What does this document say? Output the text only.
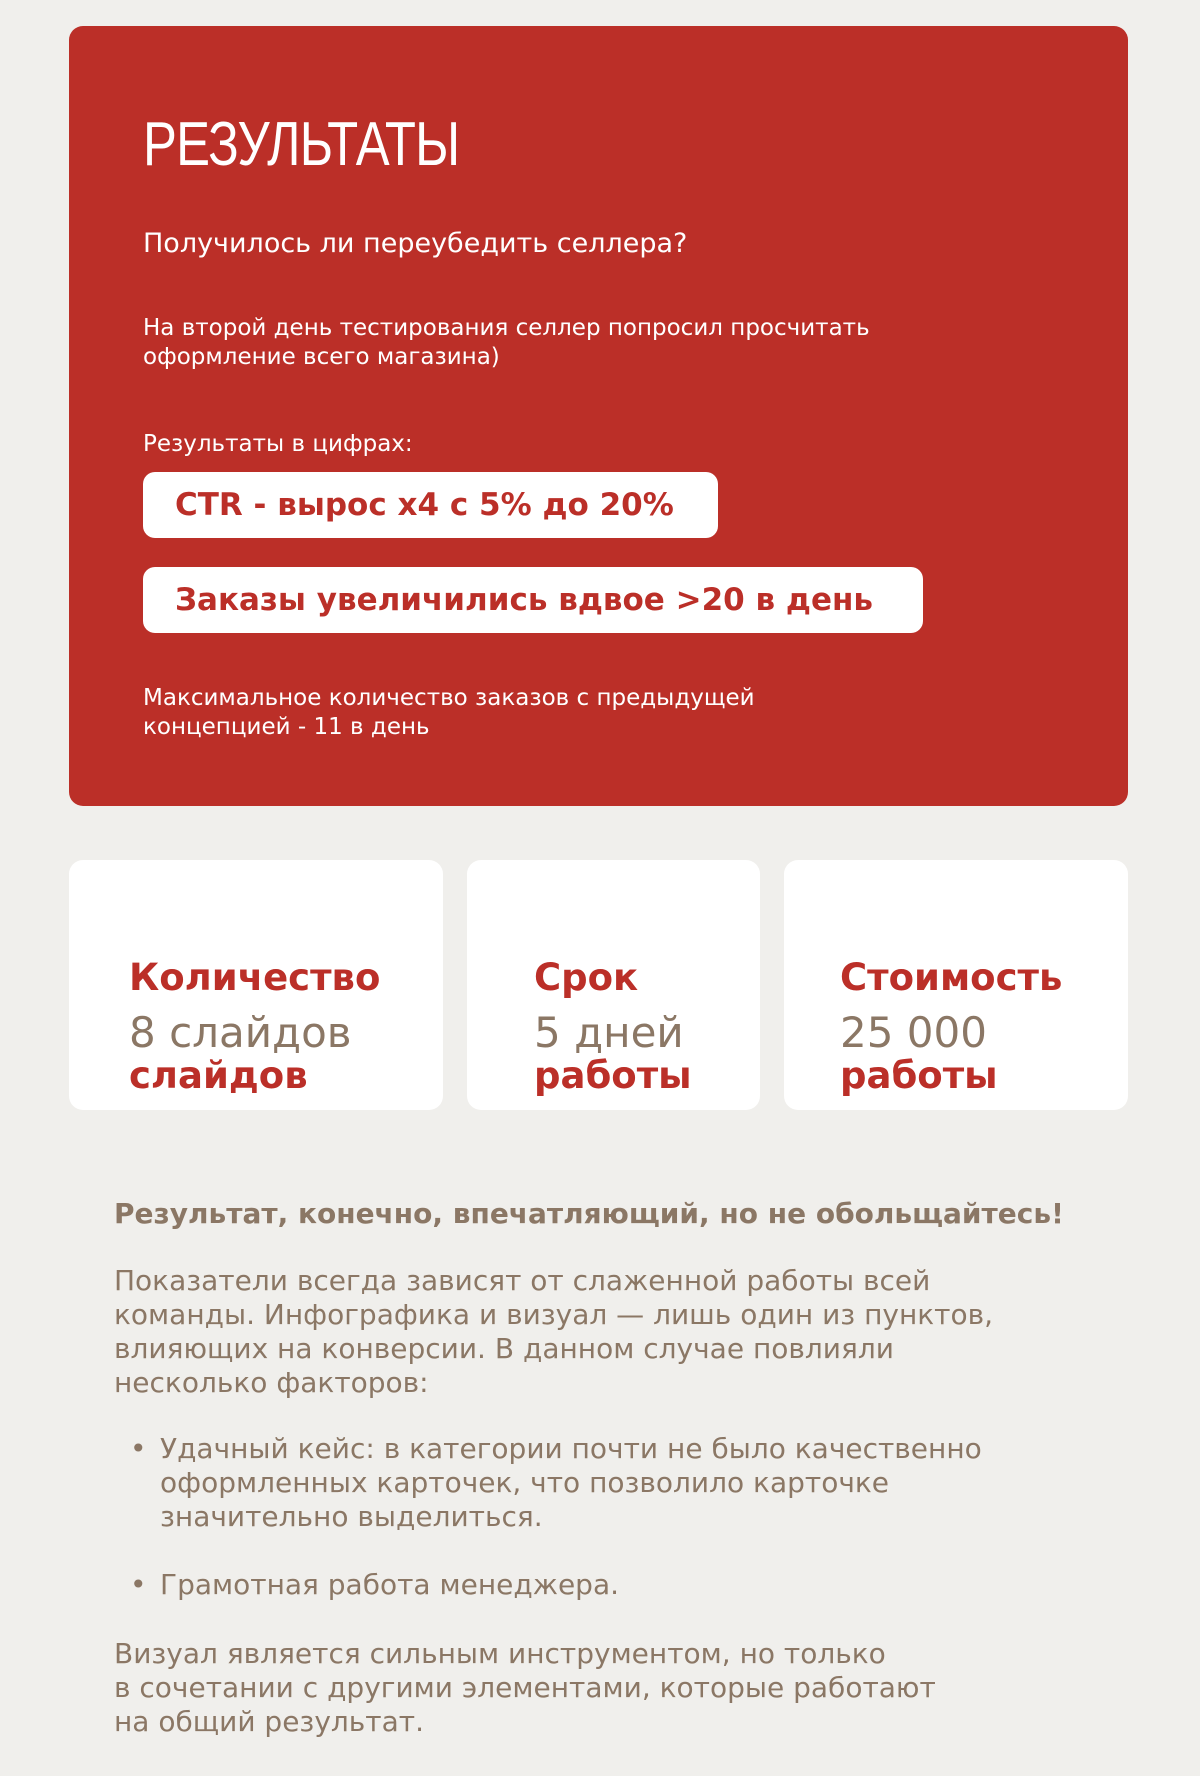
РЕЗУЛЬТАТЫ
Получилось ли переубедить селлера?
На второй день тестирования селлер попросил просчитать
оформление всего магазина)
Результаты в цифрах:
CTR - вырос х4 с 5% до 20%
Заказы увеличились вдвое >20 в день
Максимальное количество заказов с предыдущей
концепцией - 11 в день

Количество

слайдов

8 слайдов

Срок

работы

5 дней

Стоимость

работы

25 000
Результат, конечно, впечатляющий, но не обольщайтесь!
Показатели всегда зависят от слаженной работы всей
команды. Инфографика и визуал — лишь один из пунктов,
влияющих на конверсии. В данном случае повлияли
несколько факторов:
• Удачный кейс: в категории почти не было качественно
оформленных карточек, что позволило карточке
значительно выделиться.
• Грамотная работа менеджера.
Визуал является сильным инструментом, но только
в сочетании с другими элементами, которые работают
на общий результат.
